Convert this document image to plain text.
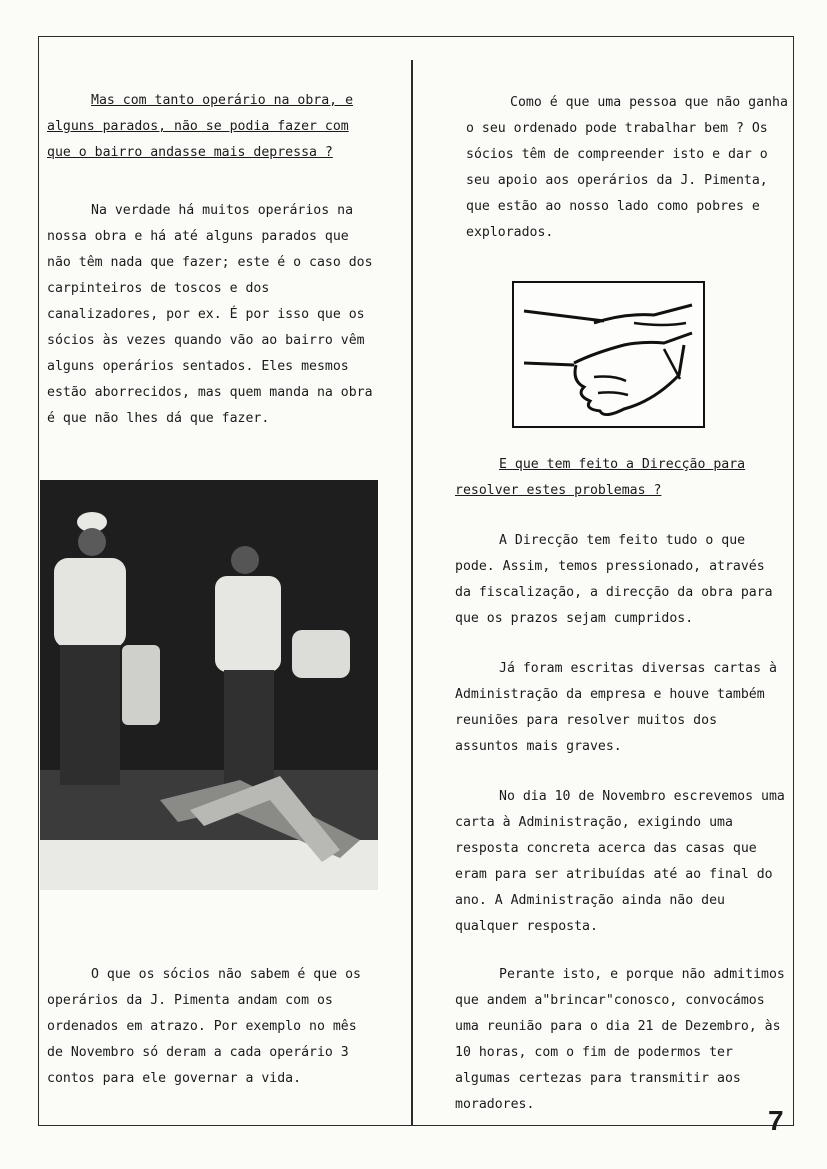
Mas com tanto operário na obra, e alguns parados, não se podia fazer com que o bairro andasse mais depressa ?

Na verdade há muitos operários na nossa obra e há até alguns parados que não têm nada que fazer; este é o caso dos carpinteiros de toscos e dos canalizadores, por ex. É por isso que os sócios às vezes quando vão ao bairro vêm alguns operários sentados. Eles mesmos estão aborrecidos, mas quem manda na obra é que não lhes dá que fazer.

O que os sócios não sabem é que os operários da J. Pimenta andam com os ordenados em atrazo. Por exemplo no mês de Novembro só deram a cada operário 3 contos para ele governar a vida.

Como é que uma pessoa que não ganha o seu ordenado pode trabalhar bem ? Os sócios têm de compreender isto e dar o seu apoio aos operários da J. Pimenta, que estão ao nosso lado como pobres e explorados.

E que tem feito a Direcção para resolver estes problemas ?

A Direcção tem feito tudo o que pode. Assim, temos pressionado, através da fiscalização, a direcção da obra para que os prazos sejam cumpridos.

Já foram escritas diversas cartas à Administração da empresa e houve também reuniões para resolver muitos dos assuntos mais graves.

No dia 10 de Novembro escrevemos uma carta à Administração, exigindo uma resposta concreta acerca das casas que eram para ser atribuídas até ao final do ano. A Administração ainda não deu qualquer resposta.

Perante isto, e porque não admitimos que andem a"brincar"conosco, convocámos uma reunião para o dia 21 de Dezembro, às 10 horas, com o fim de podermos ter algumas certezas para transmitir aos moradores.

7
